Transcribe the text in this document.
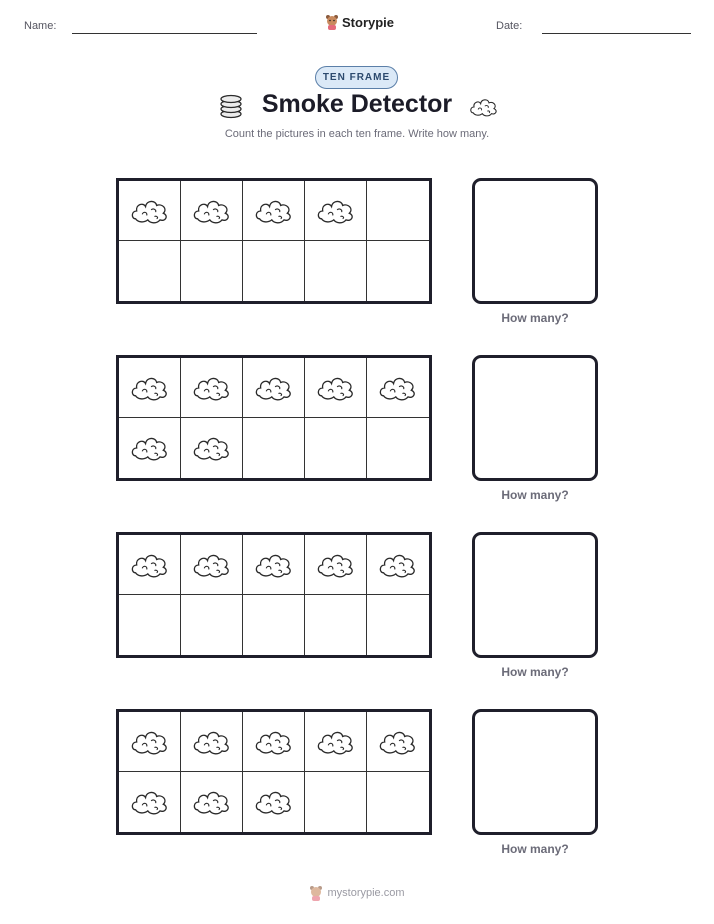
Name:	Storypie	Date:
TEN FRAME
Smoke Detector
Count the pictures in each ten frame. Write how many.
How many?
How many?
How many?
How many?
mystorypie.com
